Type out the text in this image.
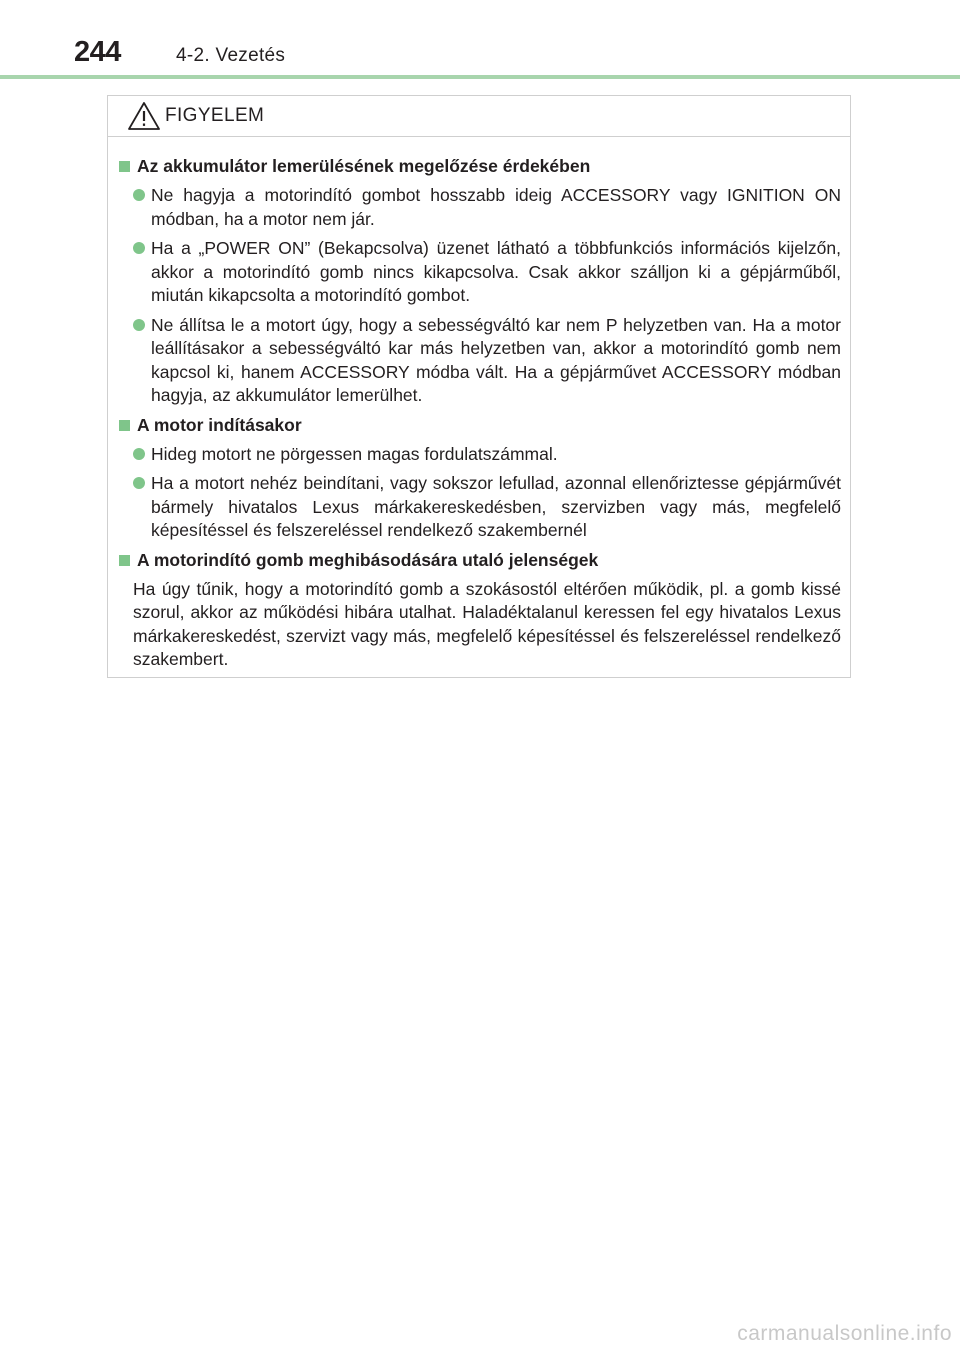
244	4-2. Vezetés
FIGYELEM
Az akkumulátor lemerülésének megelőzése érdekében
Ne hagyja a motorindító gombot hosszabb ideig ACCESSORY vagy IGNITION ON módban, ha a motor nem jár.
Ha a „POWER ON” (Bekapcsolva) üzenet látható a többfunkciós információs kijelzőn, akkor a motorindító gomb nincs kikapcsolva. Csak akkor szálljon ki a gépjárműből, miután kikapcsolta a motorindító gombot.
Ne állítsa le a motort úgy, hogy a sebességváltó kar nem P helyzetben van. Ha a motor leállításakor a sebességváltó kar más helyzetben van, akkor a motorindító gomb nem kapcsol ki, hanem ACCESSORY módba vált. Ha a gépjárművet ACCESSORY módban hagyja, az akkumulátor lemerülhet.
A motor indításakor
Hideg motort ne pörgessen magas fordulatszámmal.
Ha a motort nehéz beindítani, vagy sokszor lefullad, azonnal ellenőriztesse gépjárművét bármely hivatalos Lexus márkakereskedésben, szervizben vagy más, megfelelő képesítéssel és felszereléssel rendelkező szakembernél
A motorindító gomb meghibásodására utaló jelenségek

Ha úgy tűnik, hogy a motorindító gomb a szokásostól eltérően működik, pl. a gomb kissé szorul, akkor az működési hibára utalhat. Haladéktalanul keressen fel egy hivatalos Lexus márkakereskedést, szervizt vagy más, megfelelő képesítéssel és felszereléssel rendelkező szakembert.

carmanualsonline.info
